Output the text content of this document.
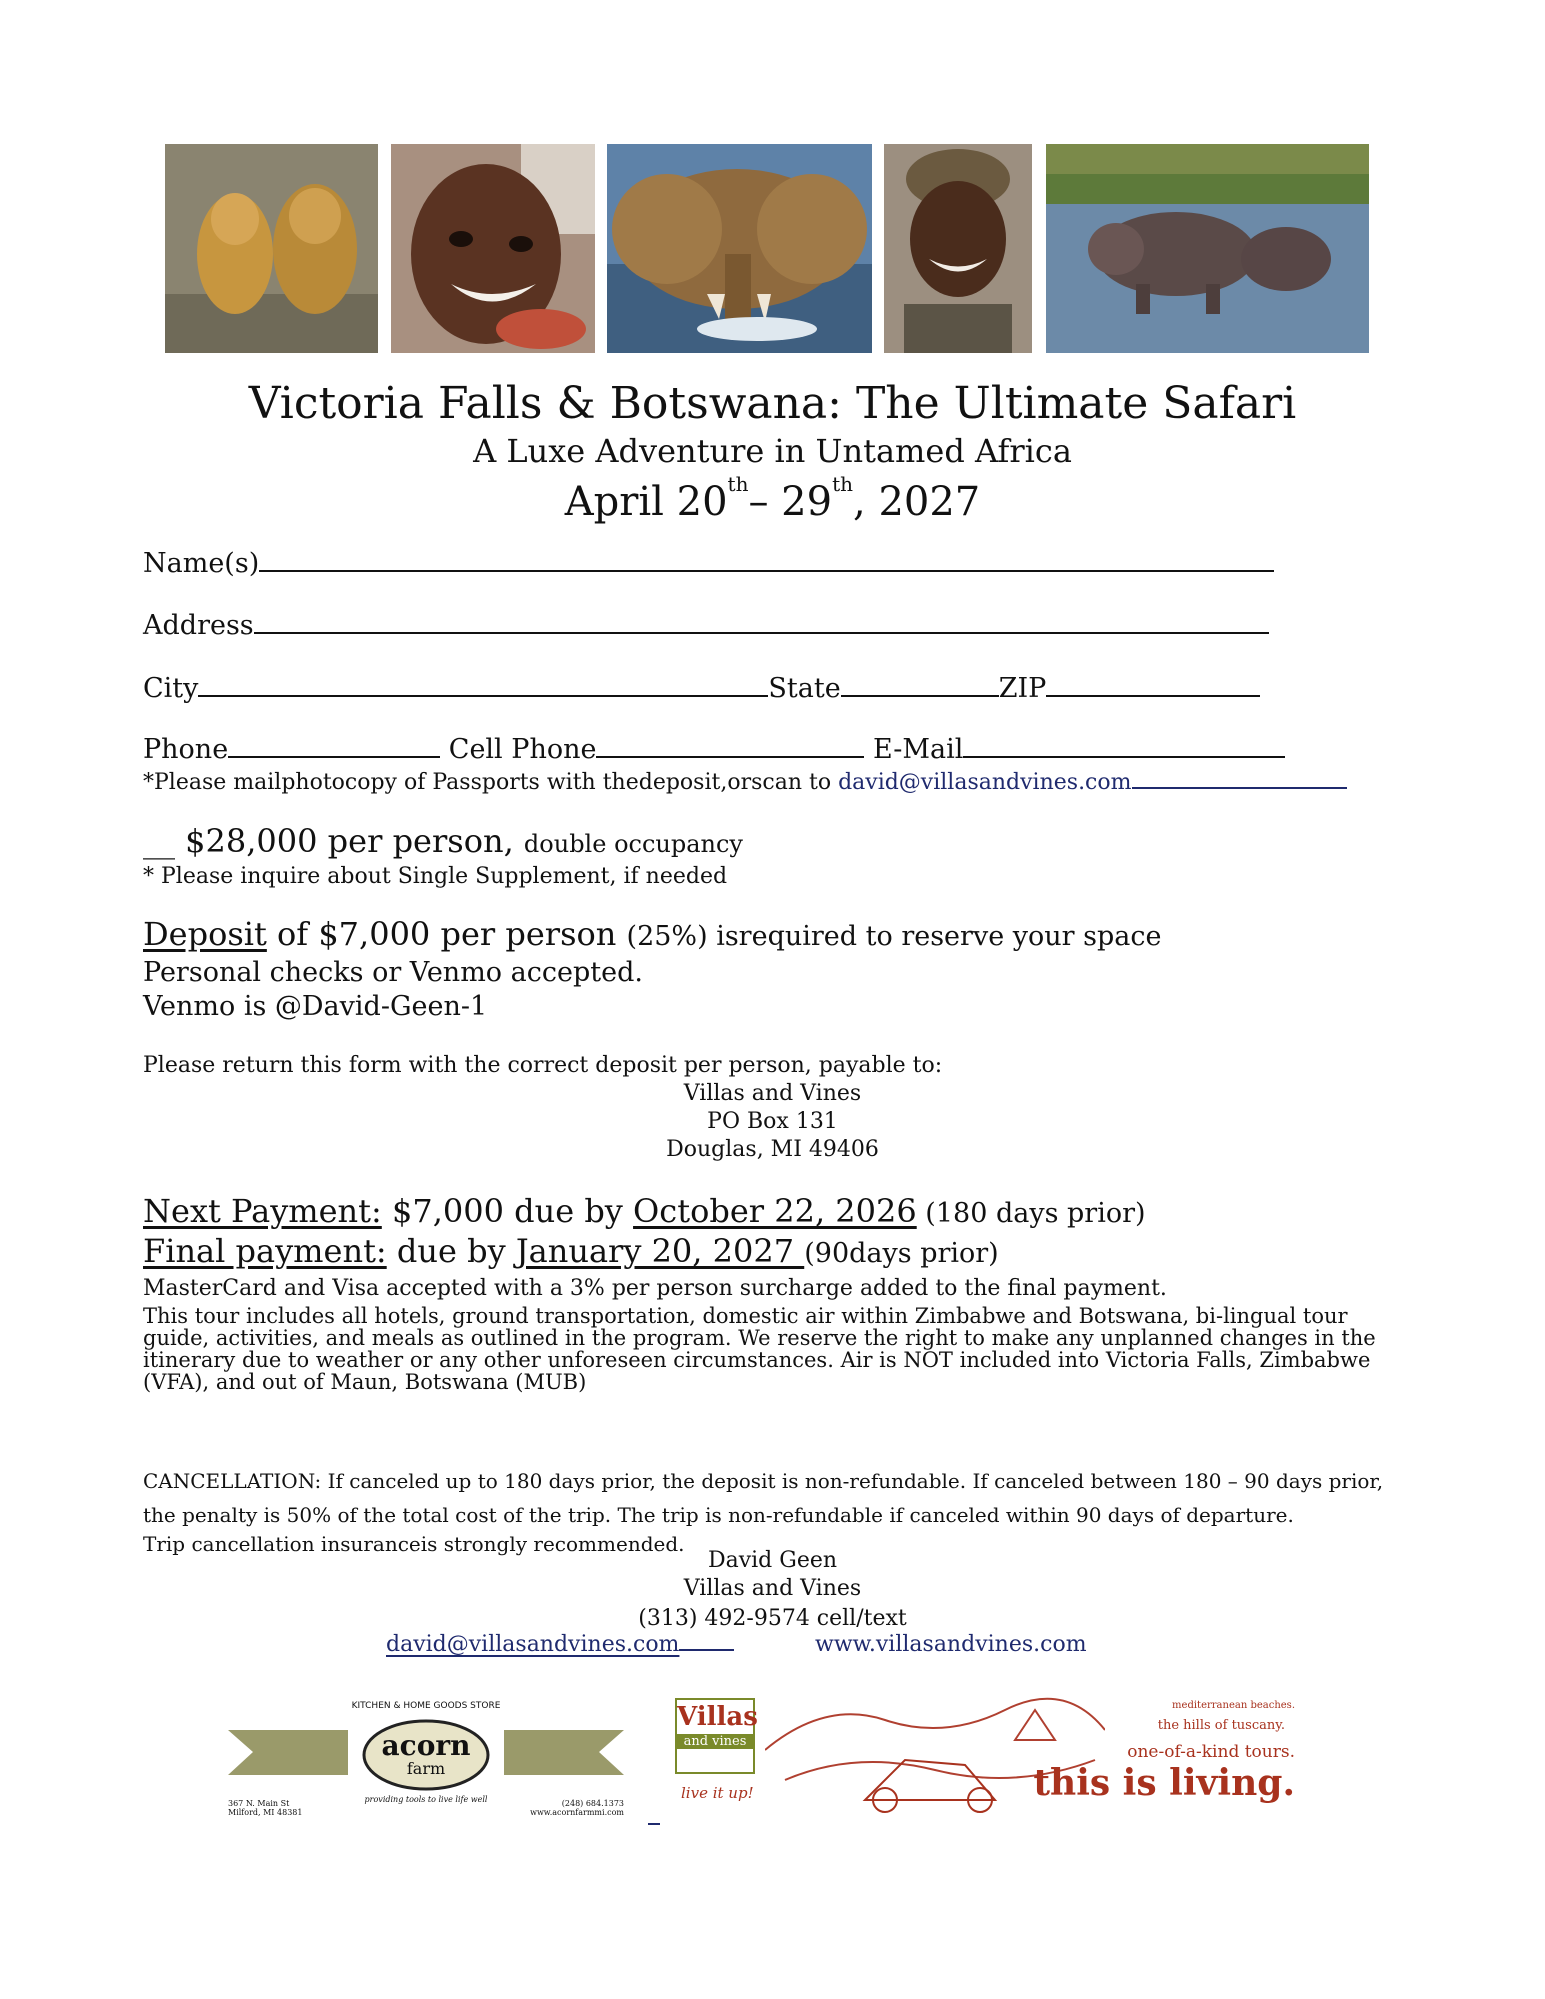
Victoria Falls & Botswana: The Ultimate Safari
A Luxe Adventure in Untamed Africa
April 20th– 29th, 2027
Name(s)
Address
City	State	ZIP
Phone	Cell Phone	E-Mail
*Please mailphotocopy of Passports with thedeposit,orscan to david@villasandvines.com
__ $28,000 per person, double occupancy
* Please inquire about Single Supplement, if needed
Deposit of $7,000 per person (25%) isrequired to reserve your space
Personal checks or Venmo accepted.
Venmo is @David-Geen-1
Please return this form with the correct deposit per person, payable to:
Villas and Vines
PO Box 131
Douglas, MI 49406
Next Payment: $7,000 due by October 22, 2026 (180 days prior)
Final payment: due by January 20, 2027 (90days prior)
MasterCard and Visa accepted with a 3% per person surcharge added to the final payment.
This tour includes all hotels, ground transportation, domestic air within Zimbabwe and Botswana, bi-lingual tour guide, activities, and meals as outlined in the program. We reserve the right to make any unplanned changes in the itinerary due to weather or any other unforeseen circumstances. Air is NOT included into Victoria Falls, Zimbabwe (VFA), and out of Maun, Botswana (MUB)
CANCELLATION: If canceled up to 180 days prior, the deposit is non-refundable. If canceled between 180 – 90 days prior,
the penalty is 50% of the total cost of the trip. The trip is non-refundable if canceled within 90 days of departure.
Trip cancellation insuranceis strongly recommended.
David Geen
Villas and Vines
(313) 492-9574 cell/text
david@villasandvines.com	www.villasandvines.com
KITCHEN & HOME GOODS STORE
acorn
farm
providing tools to live life well
367 N. Main St
Milford, MI 48381
(248) 684.1373
www.acornfarmmi.com
Villas
and vines
live it up!
mediterranean beaches.
the hills of tuscany.
one-of-a-kind tours.
this is living.
